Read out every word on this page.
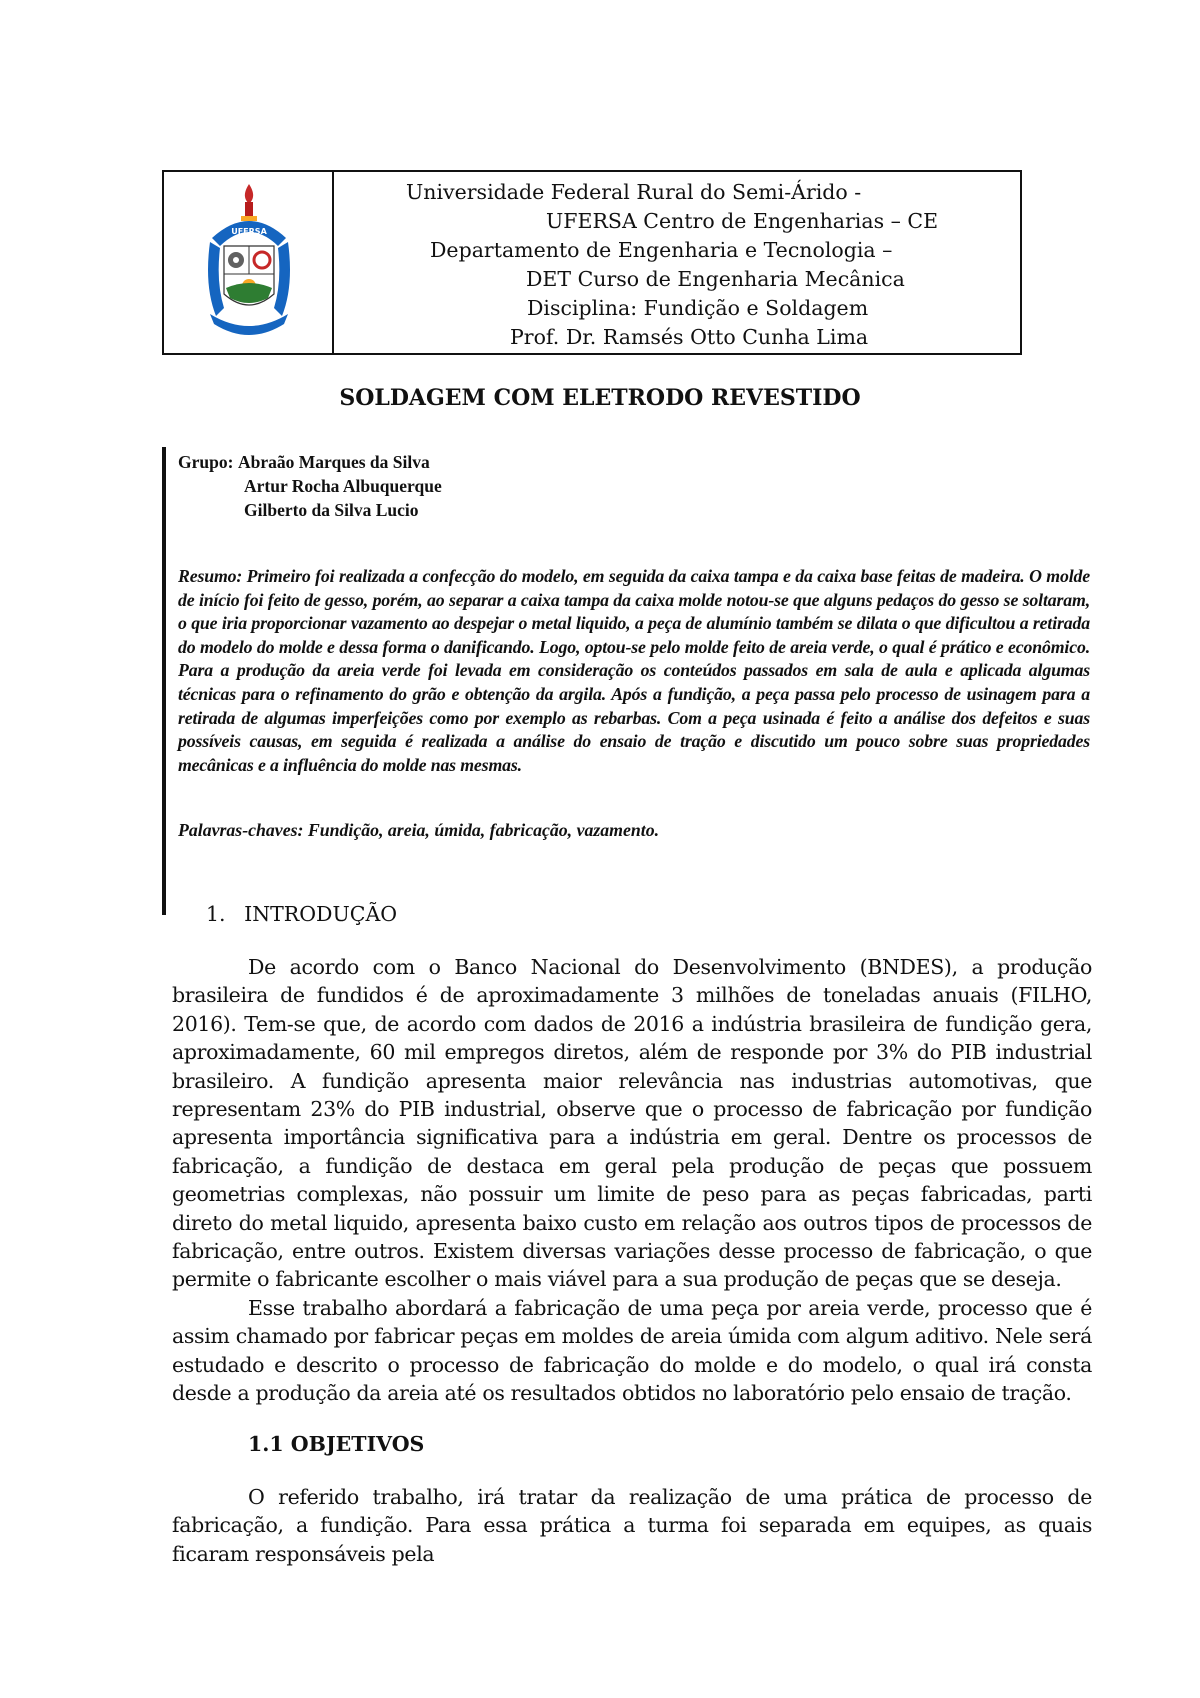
UFERSA
Universidade Federal Rural do Semi-Árido -
UFERSA Centro de Engenharias – CE
Departamento de Engenharia e Tecnologia –
DET Curso de Engenharia Mecânica
Disciplina: Fundição e Soldagem
Prof. Dr. Ramsés Otto Cunha Lima
SOLDAGEM COM ELETRODO REVESTIDO
Grupo: Abraão Marques da Silva
Artur Rocha Albuquerque
Gilberto da Silva Lucio
Resumo: Primeiro foi realizada a confecção do modelo, em seguida da caixa tampa e da caixa base feitas de madeira. O molde de início foi feito de gesso, porém, ao separar a caixa tampa da caixa molde notou-se que alguns pedaços do gesso se soltaram, o que iria proporcionar vazamento ao despejar o metal liquido, a peça de alumínio também se dilata o que dificultou a retirada do modelo do molde e dessa forma o danificando. Logo, optou-se pelo molde feito de areia verde, o qual é prático e econômico. Para a produção da areia verde foi levada em consideração os conteúdos passados em sala de aula e aplicada algumas técnicas para o refinamento do grão e obtenção da argila. Após a fundição, a peça passa pelo processo de usinagem para a retirada de algumas imperfeições como por exemplo as rebarbas. Com a peça usinada é feito a análise dos defeitos e suas possíveis causas, em seguida é realizada a análise do ensaio de tração e discutido um pouco sobre suas propriedades mecânicas e a influência do molde nas mesmas.
Palavras-chaves: Fundição, areia, úmida, fabricação, vazamento.
1. INTRODUÇÃO

De acordo com o Banco Nacional do Desenvolvimento (BNDES), a produção brasileira de fundidos é de aproximadamente 3 milhões de toneladas anuais (FILHO, 2016). Tem-se que, de acordo com dados de 2016 a indústria brasileira de fundição gera, aproximadamente, 60 mil empregos diretos, além de responde por 3% do PIB industrial brasileiro. A fundição apresenta maior relevância nas industrias automotivas, que representam 23% do PIB industrial, observe que o processo de fabricação por fundição apresenta importância significativa para a indústria em geral. Dentre os processos de fabricação, a fundição de destaca em geral pela produção de peças que possuem geometrias complexas, não possuir um limite de peso para as peças fabricadas, parti direto do metal liquido, apresenta baixo custo em relação aos outros tipos de processos de fabricação, entre outros. Existem diversas variações desse processo de fabricação, o que permite o fabricante escolher o mais viável para a sua produção de peças que se deseja.

Esse trabalho abordará a fabricação de uma peça por areia verde, processo que é assim chamado por fabricar peças em moldes de areia úmida com algum aditivo. Nele será estudado e descrito o processo de fabricação do molde e do modelo, o qual irá consta desde a produção da areia até os resultados obtidos no laboratório pelo ensaio de tração.

1.1 OBJETIVOS

O referido trabalho, irá tratar da realização de uma prática de processo de fabricação, a fundição. Para essa prática a turma foi separada em equipes, as quais ficaram responsáveis pela
